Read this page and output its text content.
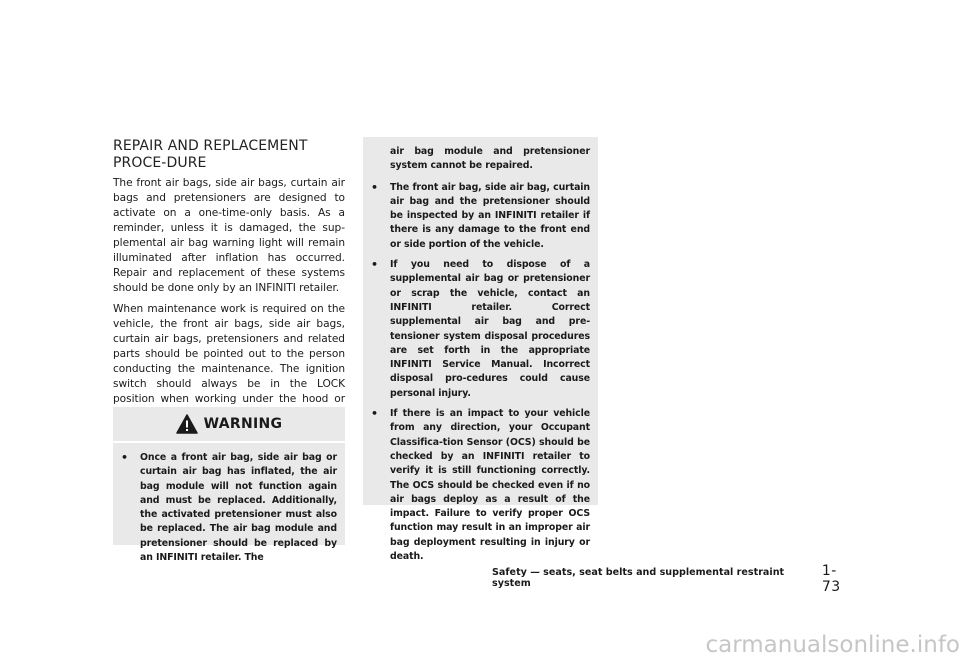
REPAIR AND REPLACEMENT PROCE-DURE

The front air bags, side air bags, curtain air bags and pretensioners are designed to activate on a one-time-only basis. As a reminder, unless it is damaged, the sup-plemental air bag warning light will remain illuminated after inflation has occurred. Repair and replacement of these systems should be done only by an INFINITI retailer.

When maintenance work is required on the vehicle, the front air bags, side air bags, curtain air bags, pretensioners and related parts should be pointed out to the person conducting the maintenance. The ignition switch should always be in the LOCK position when working under the hood or

WARNING
•	Once a front air bag, side air bag or curtain air bag has inflated, the air bag module will not function again and must be replaced. Additionally, the activated pretensioner must also be replaced. The air bag module and pretensioner should be replaced by an INFINITI retailer. The
air bag module and pretensioner system cannot be repaired.
•	The front air bag, side air bag, curtain air bag and the pretensioner should be inspected by an INFINITI retailer if there is any damage to the front end or side portion of the vehicle.
•	If you need to dispose of a supplemental air bag or pretensioner or scrap the vehicle, contact an INFINITI retailer. Correct supplemental air bag and pre-tensioner system disposal procedures are set forth in the appropriate INFINITI Service Manual. Incorrect disposal pro-cedures could cause personal injury.
•	If there is an impact to your vehicle from any direction, your Occupant Classifica-tion Sensor (OCS) should be checked by an INFINITI retailer to verify it is still functioning correctly. The OCS should be checked even if no air bags deploy as a result of the impact. Failure to verify proper OCS function may result in an improper air bag deployment resulting in injury or death.
Safety — seats, seat belts and supplemental restraint system
1-73
carmanualsonline.info
